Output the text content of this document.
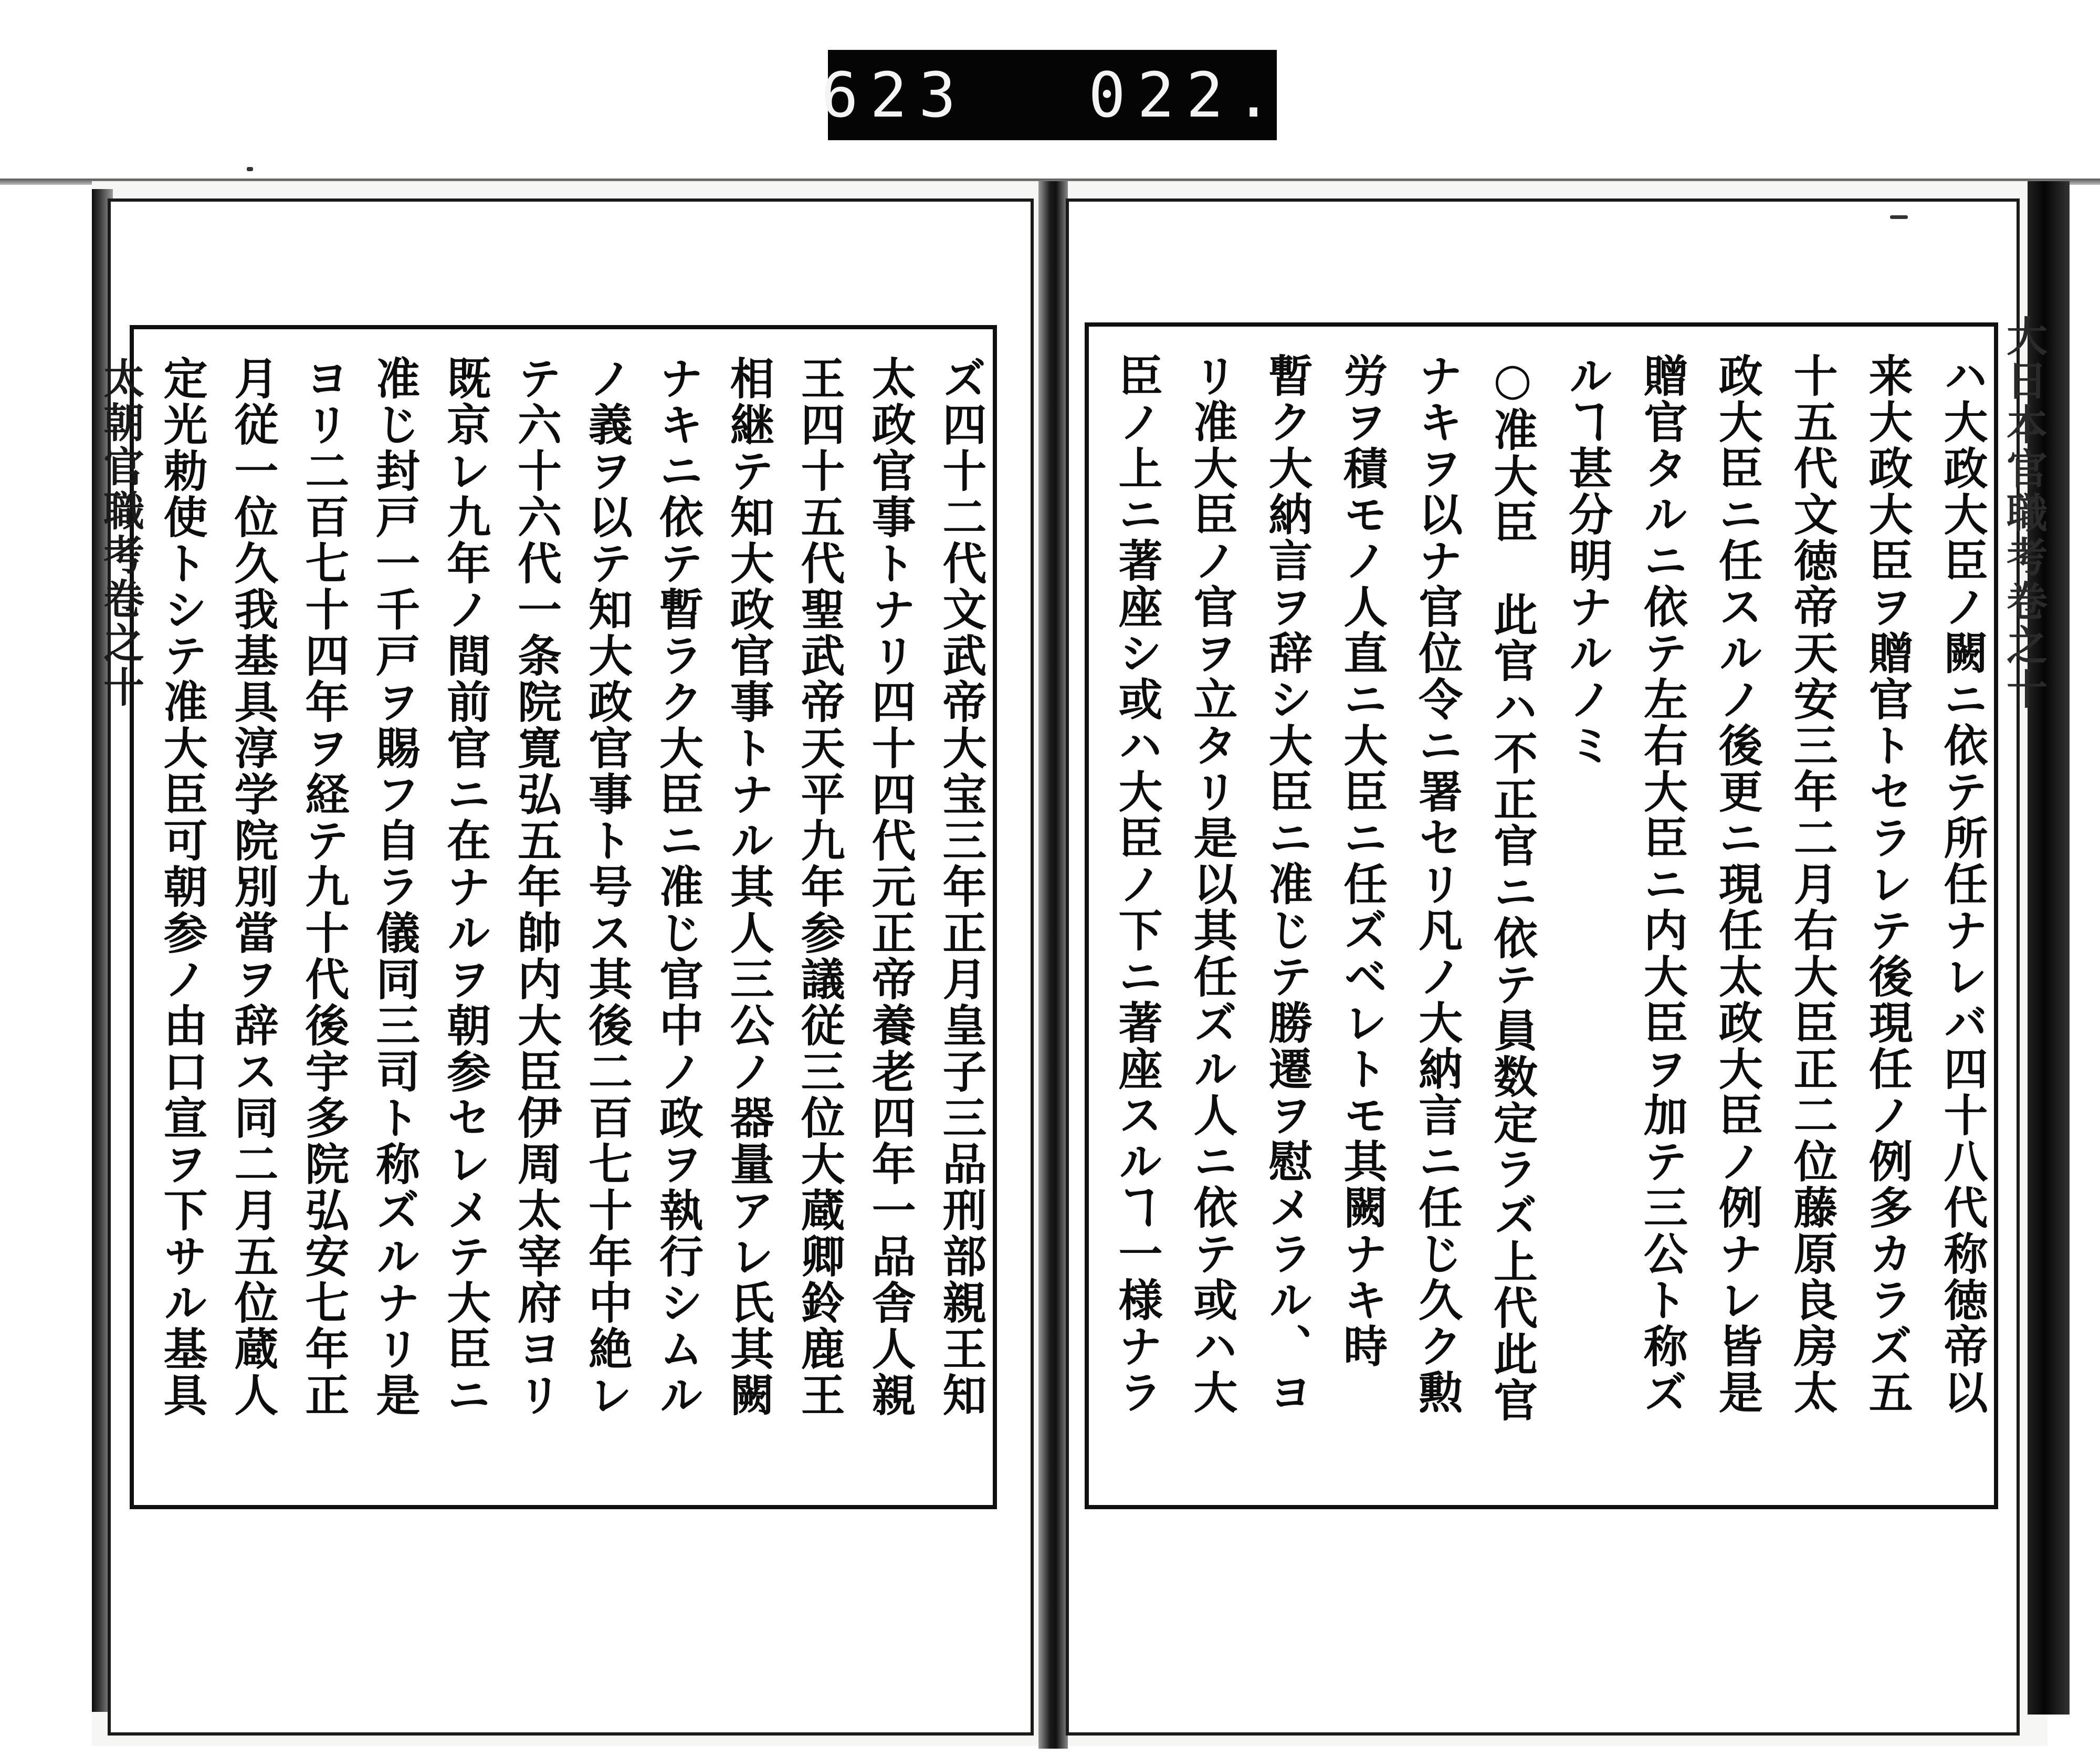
623 022.
ズ四十二代文武帝大宝三年正月皇子三品刑部親王知
太政官事トナリ四十四代元正帝養老四年一品舎人親
王四十五代聖武帝天平九年参議従三位大蔵卿鈴鹿王
相継テ知大政官事トナル其人三公ノ器量アレ氏其闕
ナキニ依テ暫ラク大臣ニ准じ官中ノ政ヲ執行シムル
ノ義ヲ以テ知大政官事ト号ス其後二百七十年中絶レ
テ六十六代一条院寛弘五年帥内大臣伊周太宰府ヨリ
既京レ九年ノ間前官ニ在ナルヲ朝参セレメテ大臣ニ
准じ封戸一千戸ヲ賜フ自ラ儀同三司ト称ズルナリ是
ヨリ二百七十四年ヲ経テ九十代後宇多院弘安七年正
月従一位久我基具淳学院別當ヲ辞ス同二月五位蔵人
定光勅使トシテ准大臣可朝参ノ由口宣ヲ下サル基具	ハ大政大臣ノ闕ニ依テ所任ナレバ四十八代称徳帝以
来大政大臣ヲ贈官トセラレテ後現任ノ例多カラズ五
十五代文徳帝天安三年二月右大臣正二位藤原良房太
政大臣ニ任スルノ後更ニ現任太政大臣ノ例ナレ皆是
贈官タルニ依テ左右大臣ニ内大臣ヲ加テ三公ト称ズ
ルヿ甚分明ナルノミ
○准大臣　此官ハ不正官ニ依テ員数定ラズ上代此官
ナキヲ以ナ官位令ニ署セリ凡ノ大納言ニ任じ久ク勲
労ヲ積モノ人直ニ大臣ニ任ズベレトモ其闕ナキ時
暫ク大納言ヲ辞シ大臣ニ准じテ勝遷ヲ慰メラル、ヨ
リ准大臣ノ官ヲ立タリ是以其任ズル人ニ依テ或ハ大
臣ノ上ニ著座シ或ハ大臣ノ下ニ著座スルヿ一様ナラ
太朝官職考卷之十	大日本官職考卷之十
